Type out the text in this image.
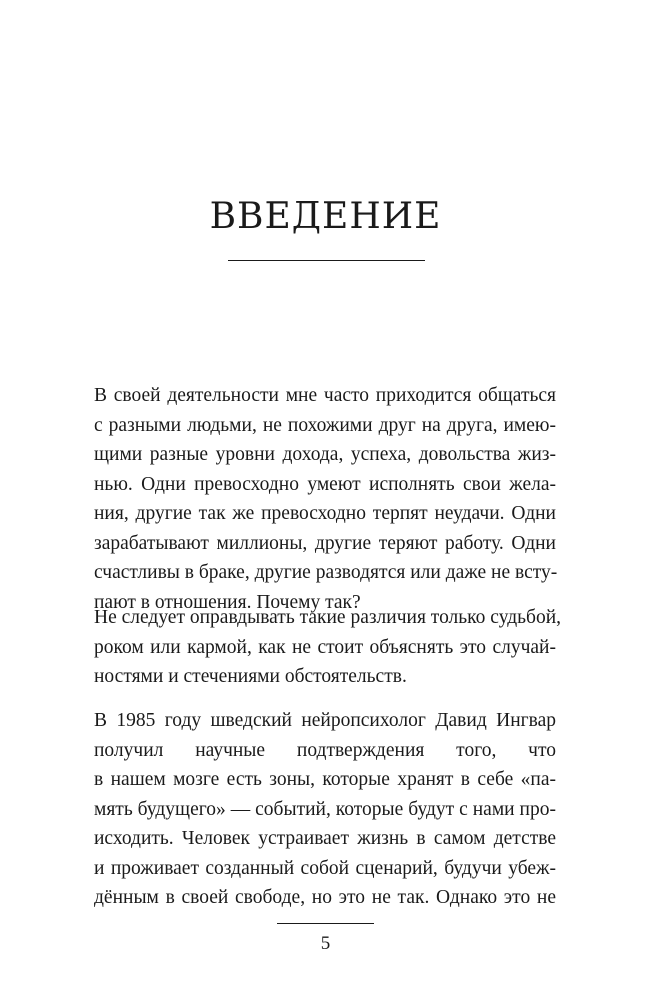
ВВЕДЕНИЕ
В своей деятельности мне часто приходится общаться
с разными людьми, не похожими друг на друга, имею-
щими разные уровни дохода, успеха, довольства жиз-
нью. Одни превосходно умеют исполнять свои жела-
ния, другие так же превосходно терпят неудачи. Одни
зарабатывают миллионы, другие теряют работу. Одни
счастливы в браке, другие разводятся или даже не всту-
пают в отношения. Почему так?
Не следует оправдывать такие различия только судьбой,
роком или кармой, как не стоит объяснять это случай-
ностями и стечениями обстоятельств.
В 1985 году шведский нейропсихолог Давид Ингвар
получил научные подтверждения того, что
в нашем мозге есть зоны, которые хранят в себе «па-
мять будущего» — событий, которые будут с нами про-
исходить. Человек устраивает жизнь в самом детстве
и проживает созданный собой сценарий, будучи убеж-
дённым в своей свободе, но это не так. Однако это не
5
